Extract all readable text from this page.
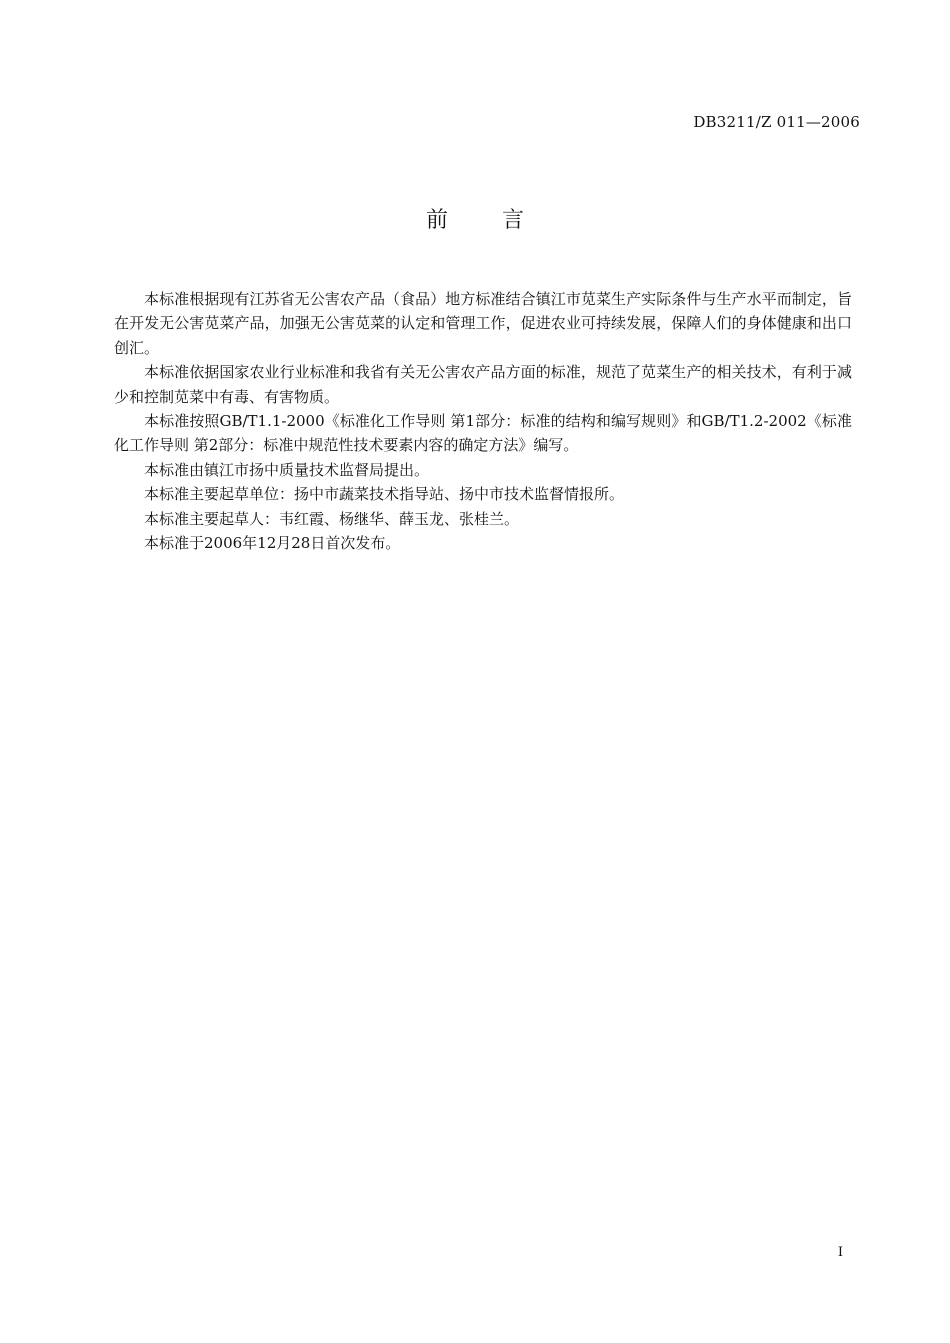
DB3211/Z 011—2006
前言

本标准根据现有江苏省无公害农产品（食品）地方标准结合镇江市苋菜生产实际条件与生产水平而制定，旨在开发无公害苋菜产品，加强无公害苋菜的认定和管理工作，促进农业可持续发展，保障人们的身体健康和出口创汇。

本标准依据国家农业行业标准和我省有关无公害农产品方面的标准，规范了苋菜生产的相关技术，有利于减少和控制苋菜中有毒、有害物质。

本标准按照GB/T1.1-2000《标准化工作导则 第1部分：标准的结构和编写规则》和GB/T1.2-2002《标准化工作导则 第2部分：标准中规范性技术要素内容的确定方法》编写。

本标准由镇江市扬中质量技术监督局提出。

本标准主要起草单位：扬中市蔬菜技术指导站、扬中市技术监督情报所。

本标准主要起草人：韦红霞、杨继华、薛玉龙、张桂兰。

本标准于2006年12月28日首次发布。

I
